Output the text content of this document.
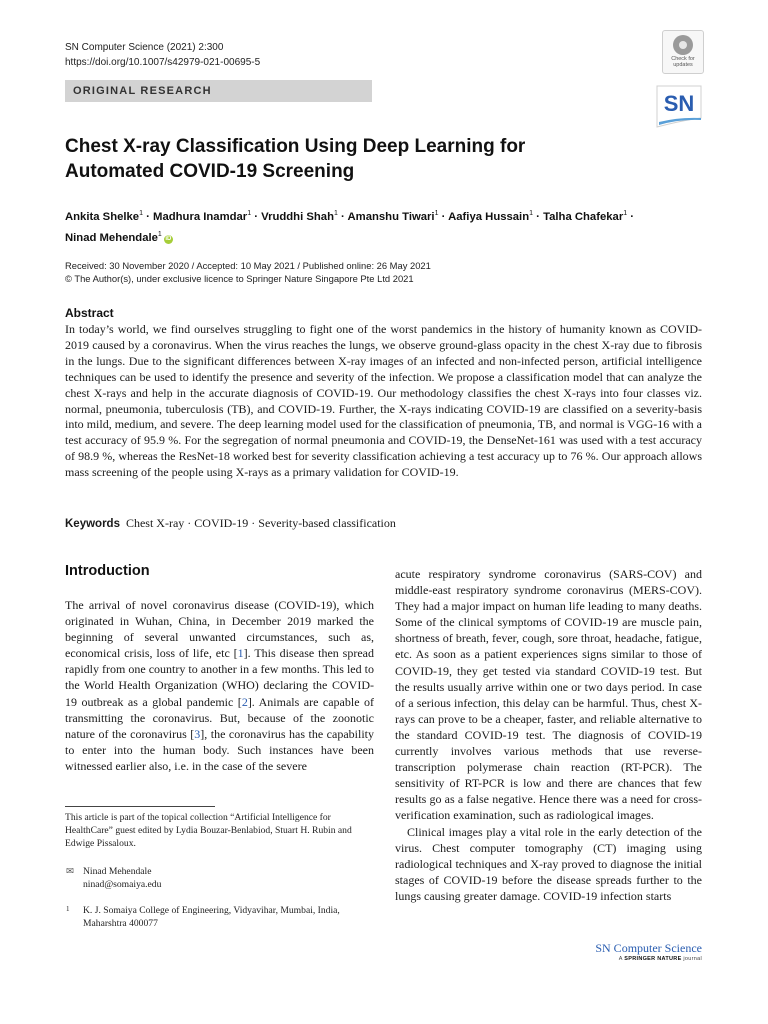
SN Computer Science (2021) 2:300
https://doi.org/10.1007/s42979-021-00695-5
ORIGINAL RESEARCH
Check for
updates
SN
Chest X-ray Classification Using Deep Learning for Automated COVID-19 Screening
Ankita Shelke$^1$ · Madhura Inamdar$^1$ · Vruddhi Shah$^1$ · Amanshu Tiwari$^1$ · Aafiya Hussain$^1$ · Talha Chafekar$^1$ ·
Ninad Mehendale$^1$iD
Received: 30 November 2020 / Accepted: 10 May 2021 / Published online: 26 May 2021
© The Author(s), under exclusive licence to Springer Nature Singapore Pte Ltd 2021
Abstract
In today’s world, we find ourselves struggling to fight one of the worst pandemics in the history of humanity known as COVID-2019 caused by a coronavirus. When the virus reaches the lungs, we observe ground-glass opacity in the chest X-ray due to fibrosis in the lungs. Due to the significant differences between X-ray images of an infected and non-infected person, artificial intelligence techniques can be used to identify the presence and severity of the infection. We propose a classification model that can analyze the chest X-rays and help in the accurate diagnosis of COVID-19. Our methodology classifies the chest X-rays into four classes viz. normal, pneumonia, tuberculosis (TB), and COVID-19. Further, the X-rays indicating COVID-19 are classified on a severity-basis into mild, medium, and severe. The deep learning model used for the classification of pneumonia, TB, and normal is VGG-16 with a test accuracy of 95.9 %. For the segregation of normal pneumonia and COVID-19, the DenseNet-161 was used with a test accuracy of 98.9 %, whereas the ResNet-18 worked best for severity classification achieving a test accuracy up to 76 %. Our approach allows mass screening of the people using X-rays as a primary validation for COVID-19.
Keywords Chest X-ray · COVID-19 · Severity-based classification
Introduction
The arrival of novel coronavirus disease (COVID-19), which originated in Wuhan, China, in December 2019 marked the beginning of several unwanted circumstances, such as, economical crisis, loss of life, etc [1]. This disease then spread rapidly from one country to another in a few months. This led to the World Health Organization (WHO) declaring the COVID-19 outbreak as a global pandemic [2]. Animals are capable of transmitting the coronavirus. But, because of the zoonotic nature of the coronavirus [3], the coronavirus has the capability to enter into the human body. Such instances have been witnessed earlier also, i.e. in the case of the severe

acute respiratory syndrome coronavirus (SARS-COV) and middle-east respiratory syndrome coronavirus (MERS-COV). They had a major impact on human life leading to many deaths. Some of the clinical symptoms of COVID-19 are muscle pain, shortness of breath, fever, cough, sore throat, headache, fatigue, etc. As soon as a patient experiences signs similar to those of COVID-19, they get tested via standard COVID-19 test. But the results usually arrive within one or two days period. In case of a serious infection, this delay can be harmful. Thus, chest X-rays can prove to be a cheaper, faster, and reliable alternative to the standard COVID-19 test. The diagnosis of COVID-19 currently involves various methods that use reverse-transcription polymerase chain reaction (RT-PCR). The sensitivity of RT-PCR is low and there are chances that few results go as a false negative. Hence there was a need for cross-verification examination, such as radiological images.

Clinical images play a vital role in the early detection of the virus. Chest computer tomography (CT) imaging using radiological techniques and X-ray proved to diagnose the initial stages of COVID-19 before the disease spreads further to the lungs causing greater damage. COVID-19 infection starts

This article is part of the topical collection “Artificial Intelligence for HealthCare” guest edited by Lydia Bouzar-Benlabiod, Stuart H. Rubin and Edwige Pissaloux.
✉ Ninad Mehendale
ninad@somaiya.edu
1 K. J. Somaiya College of Engineering, Vidyavihar, Mumbai, India, Maharshtra 400077
SN Computer Science
A SPRINGER NATURE journal
